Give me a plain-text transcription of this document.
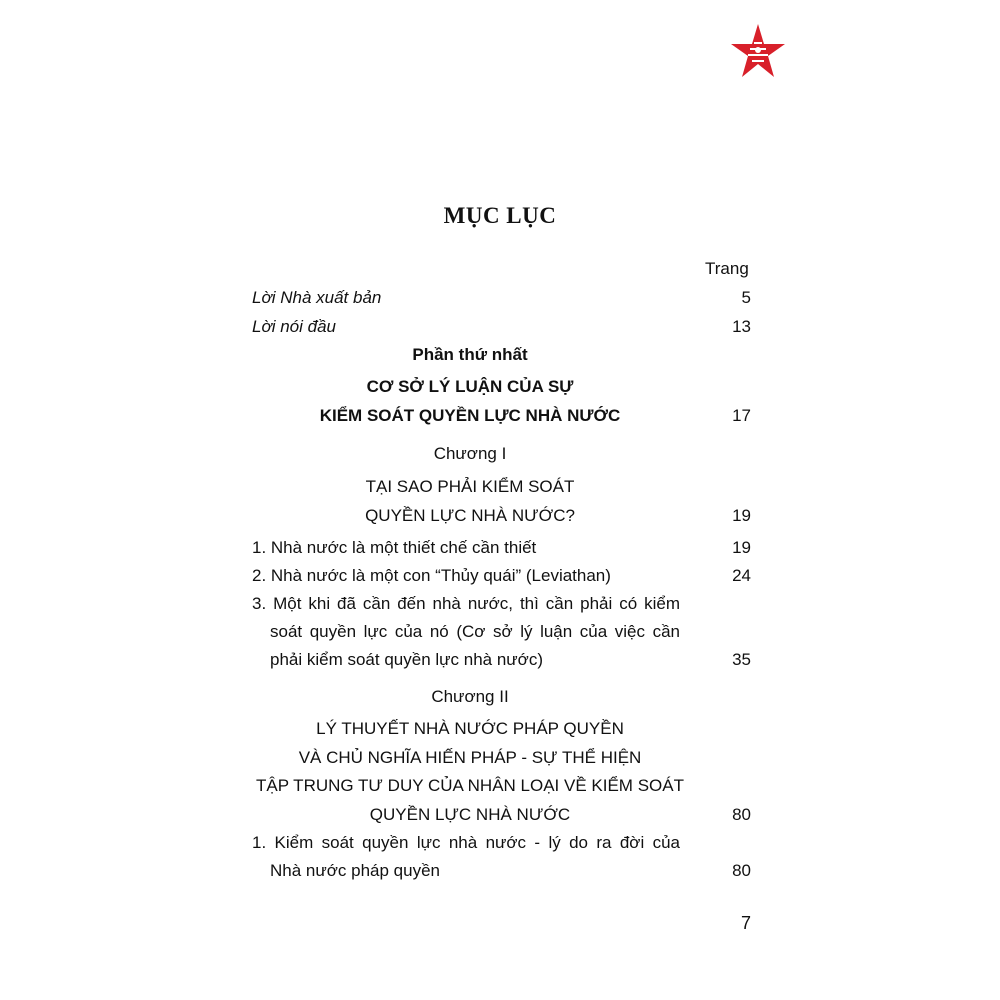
MỤC LỤC
Trang
Lời Nhà xuất bản	5
Lời nói đầu	13
Phần thứ nhất
CƠ SỞ LÝ LUẬN CỦA SỰ
KIỂM SOÁT QUYỀN LỰC NHÀ NƯỚC	17
Chương I
TẠI SAO PHẢI KIỂM SOÁT
QUYỀN LỰC NHÀ NƯỚC?	19
1. Nhà nước là một thiết chế cần thiết	19
2. Nhà nước là một con “Thủy quái” (Leviathan)	24
3. Một khi đã cần đến nhà nước, thì cần phải có kiểm
soát quyền lực của nó (Cơ sở lý luận của việc cần
phải kiểm soát quyền lực nhà nước)	35
Chương II
LÝ THUYẾT NHÀ NƯỚC PHÁP QUYỀN
VÀ CHỦ NGHĨA HIẾN PHÁP - SỰ THỂ HIỆN
TẬP TRUNG TƯ DUY CỦA NHÂN LOẠI VỀ KIỂM SOÁT
QUYỀN LỰC NHÀ NƯỚC	80
1. Kiểm soát quyền lực nhà nước - lý do ra đời của
Nhà nước pháp quyền	80
7
